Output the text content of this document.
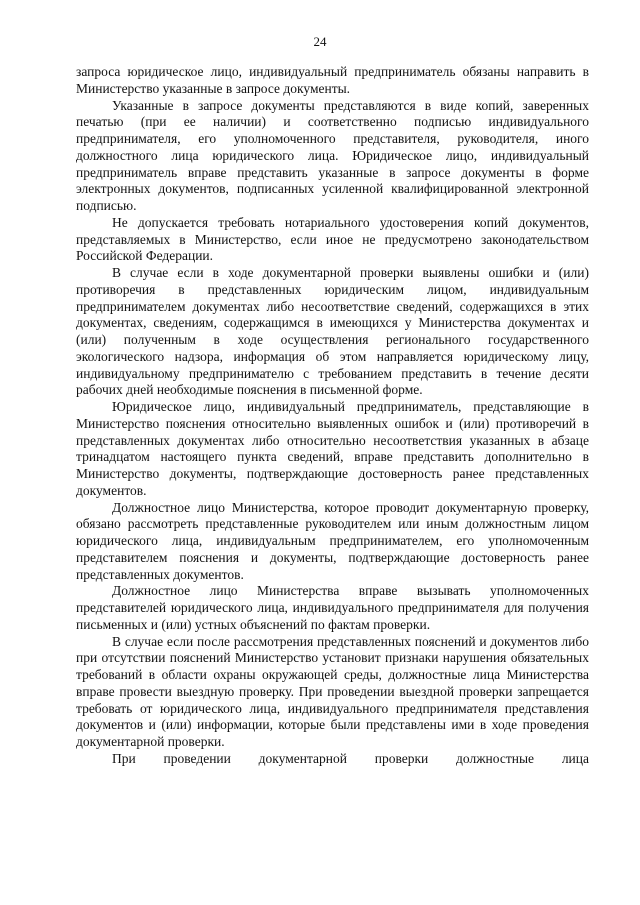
24

запроса юридическое лицо, индивидуальный предприниматель обязаны направить в Министерство указанные в запросе документы.

Указанные в запросе документы представляются в виде копий, заверенных печатью (при ее наличии) и соответственно подписью индивидуального предпринимателя, его уполномоченного представителя, руководителя, иного должностного лица юридического лица. Юридическое лицо, индивидуальный предприниматель вправе представить указанные в запросе документы в форме электронных документов, подписанных усиленной квалифицированной электронной подписью.

Не допускается требовать нотариального удостоверения копий документов, представляемых в Министерство, если иное не предусмотрено законодательством Российской Федерации.

В случае если в ходе документарной проверки выявлены ошибки и (или) противоречия в представленных юридическим лицом, индивидуальным предпринимателем документах либо несоответствие сведений, содержащихся в этих документах, сведениям, содержащимся в имеющихся у Министерства документах и (или) полученным в ходе осуществления регионального государственного экологического надзора, информация об этом направляется юридическому лицу, индивидуальному предпринимателю с требованием представить в течение десяти рабочих дней необходимые пояснения в письменной форме.

Юридическое лицо, индивидуальный предприниматель, представляющие в Министерство пояснения относительно выявленных ошибок и (или) противоречий в представленных документах либо относительно несоответствия указанных в абзаце тринадцатом настоящего пункта сведений, вправе представить дополнительно в Министерство документы, подтверждающие достоверность ранее представленных документов.

Должностное лицо Министерства, которое проводит документарную проверку, обязано рассмотреть представленные руководителем или иным должностным лицом юридического лица, индивидуальным предпринимателем, его уполномоченным представителем пояснения и документы, подтверждающие достоверность ранее представленных документов.

Должностное лицо Министерства вправе вызывать уполномоченных представителей юридического лица, индивидуального предпринимателя для получения письменных и (или) устных объяснений по фактам проверки.

В случае если после рассмотрения представленных пояснений и документов либо при отсутствии пояснений Министерство установит признаки нарушения обязательных требований в области охраны окружающей среды, должностные лица Министерства вправе провести выездную проверку. При проведении выездной проверки запрещается требовать от юридического лица, индивидуального предпринимателя представления документов и (или) информации, которые были представлены ими в ходе проведения документарной проверки.

При проведении документарной проверки должностные лица
